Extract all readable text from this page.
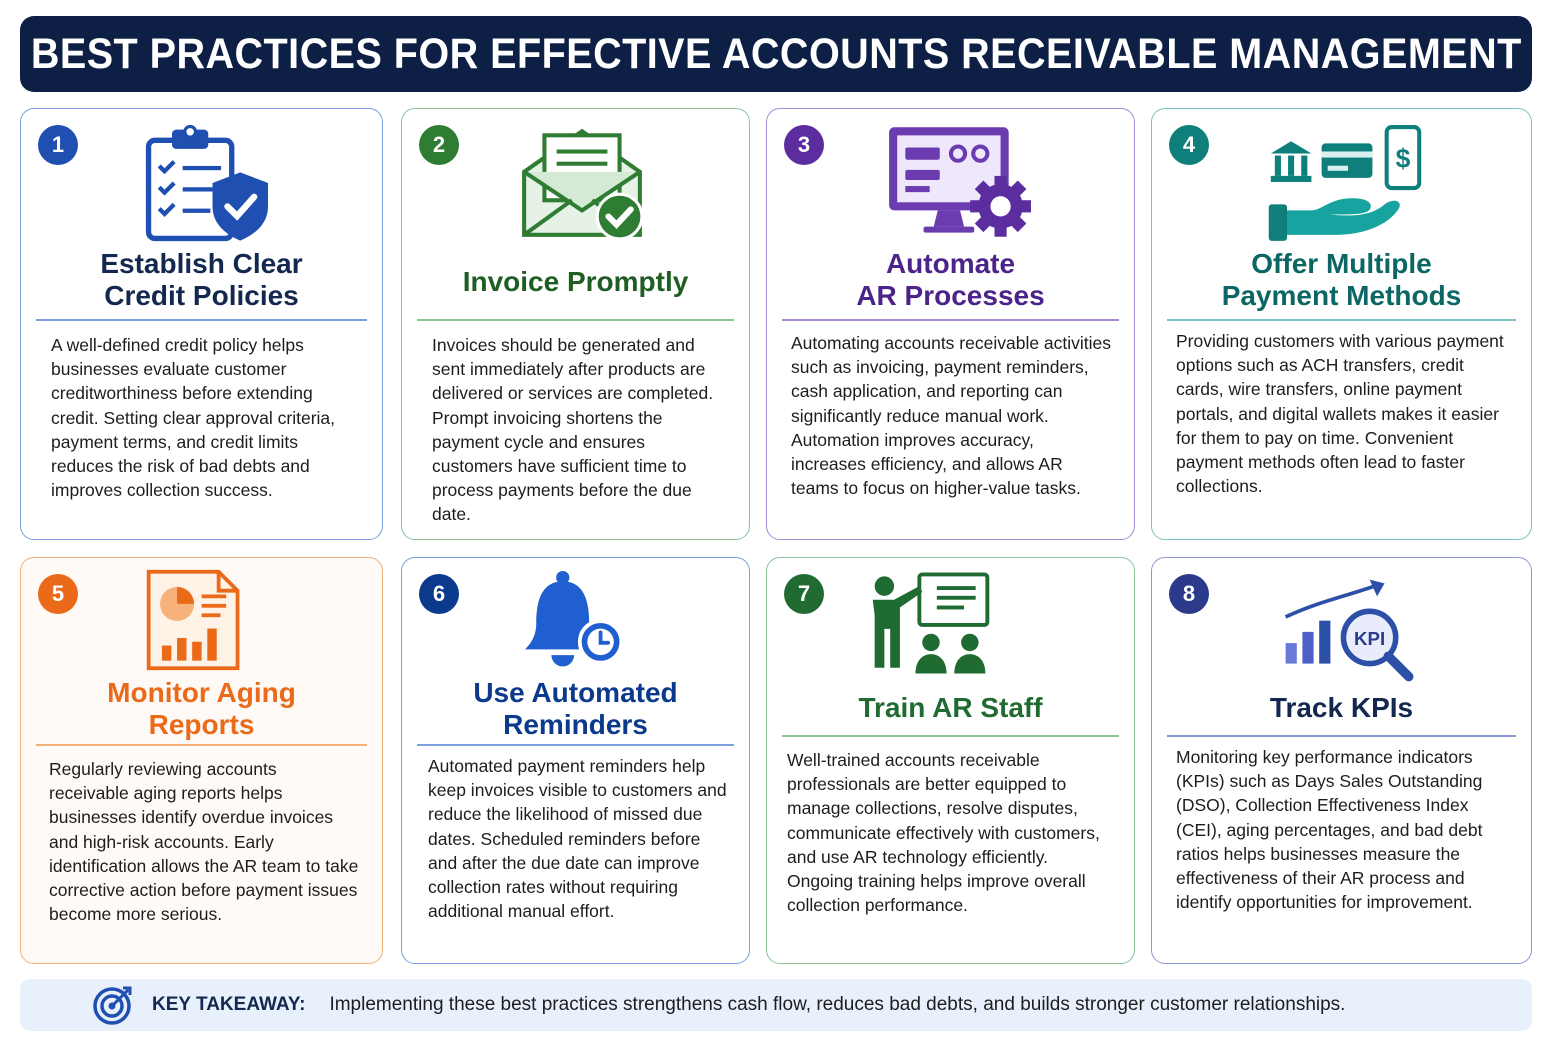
BEST PRACTICES FOR EFFECTIVE ACCOUNTS RECEIVABLE MANAGEMENT
1
Establish Clear
Credit Policies
A well-defined credit policy helps businesses evaluate customer creditworthiness before extending credit. Setting clear approval criteria, payment terms, and credit limits reduces the risk of bad debts and improves collection success.
2
Invoice Promptly
Invoices should be generated and sent immediately after products are delivered or services are completed. Prompt invoicing shortens the payment cycle and ensures customers have sufficient time to process payments before the due date.
3
Automate
AR Processes
Automating accounts receivable activities such as invoicing, payment reminders, cash application, and reporting can significantly reduce manual work. Automation improves accuracy, increases efficiency, and allows AR teams to focus on higher-value tasks.
4	$
Offer Multiple
Payment Methods
Providing customers with various payment options such as ACH transfers, credit cards, wire transfers, online payment portals, and digital wallets makes it easier for them to pay on time. Convenient payment methods often lead to faster collections.
5
Monitor Aging
Reports
Regularly reviewing accounts receivable aging reports helps businesses identify overdue invoices and high-risk accounts. Early identification allows the AR team to take corrective action before payment issues become more serious.
6
Use Automated
Reminders
Automated payment reminders help keep invoices visible to customers and reduce the likelihood of missed due dates. Scheduled reminders before and after the due date can improve collection rates without requiring additional manual effort.
7
Train AR Staff
Well-trained accounts receivable professionals are better equipped to manage collections, resolve disputes, communicate effectively with customers, and use AR technology efficiently. Ongoing training helps improve overall collection performance.
8
KPI
Track KPIs
Monitoring key performance indicators (KPIs) such as Days Sales Outstanding (DSO), Collection Effectiveness Index (CEI), aging percentages, and bad debt ratios helps businesses measure the effectiveness of their AR process and identify opportunities for improvement.
KEY TAKEAWAY: Implementing these best practices strengthens cash flow, reduces bad debts, and builds stronger customer relationships.
